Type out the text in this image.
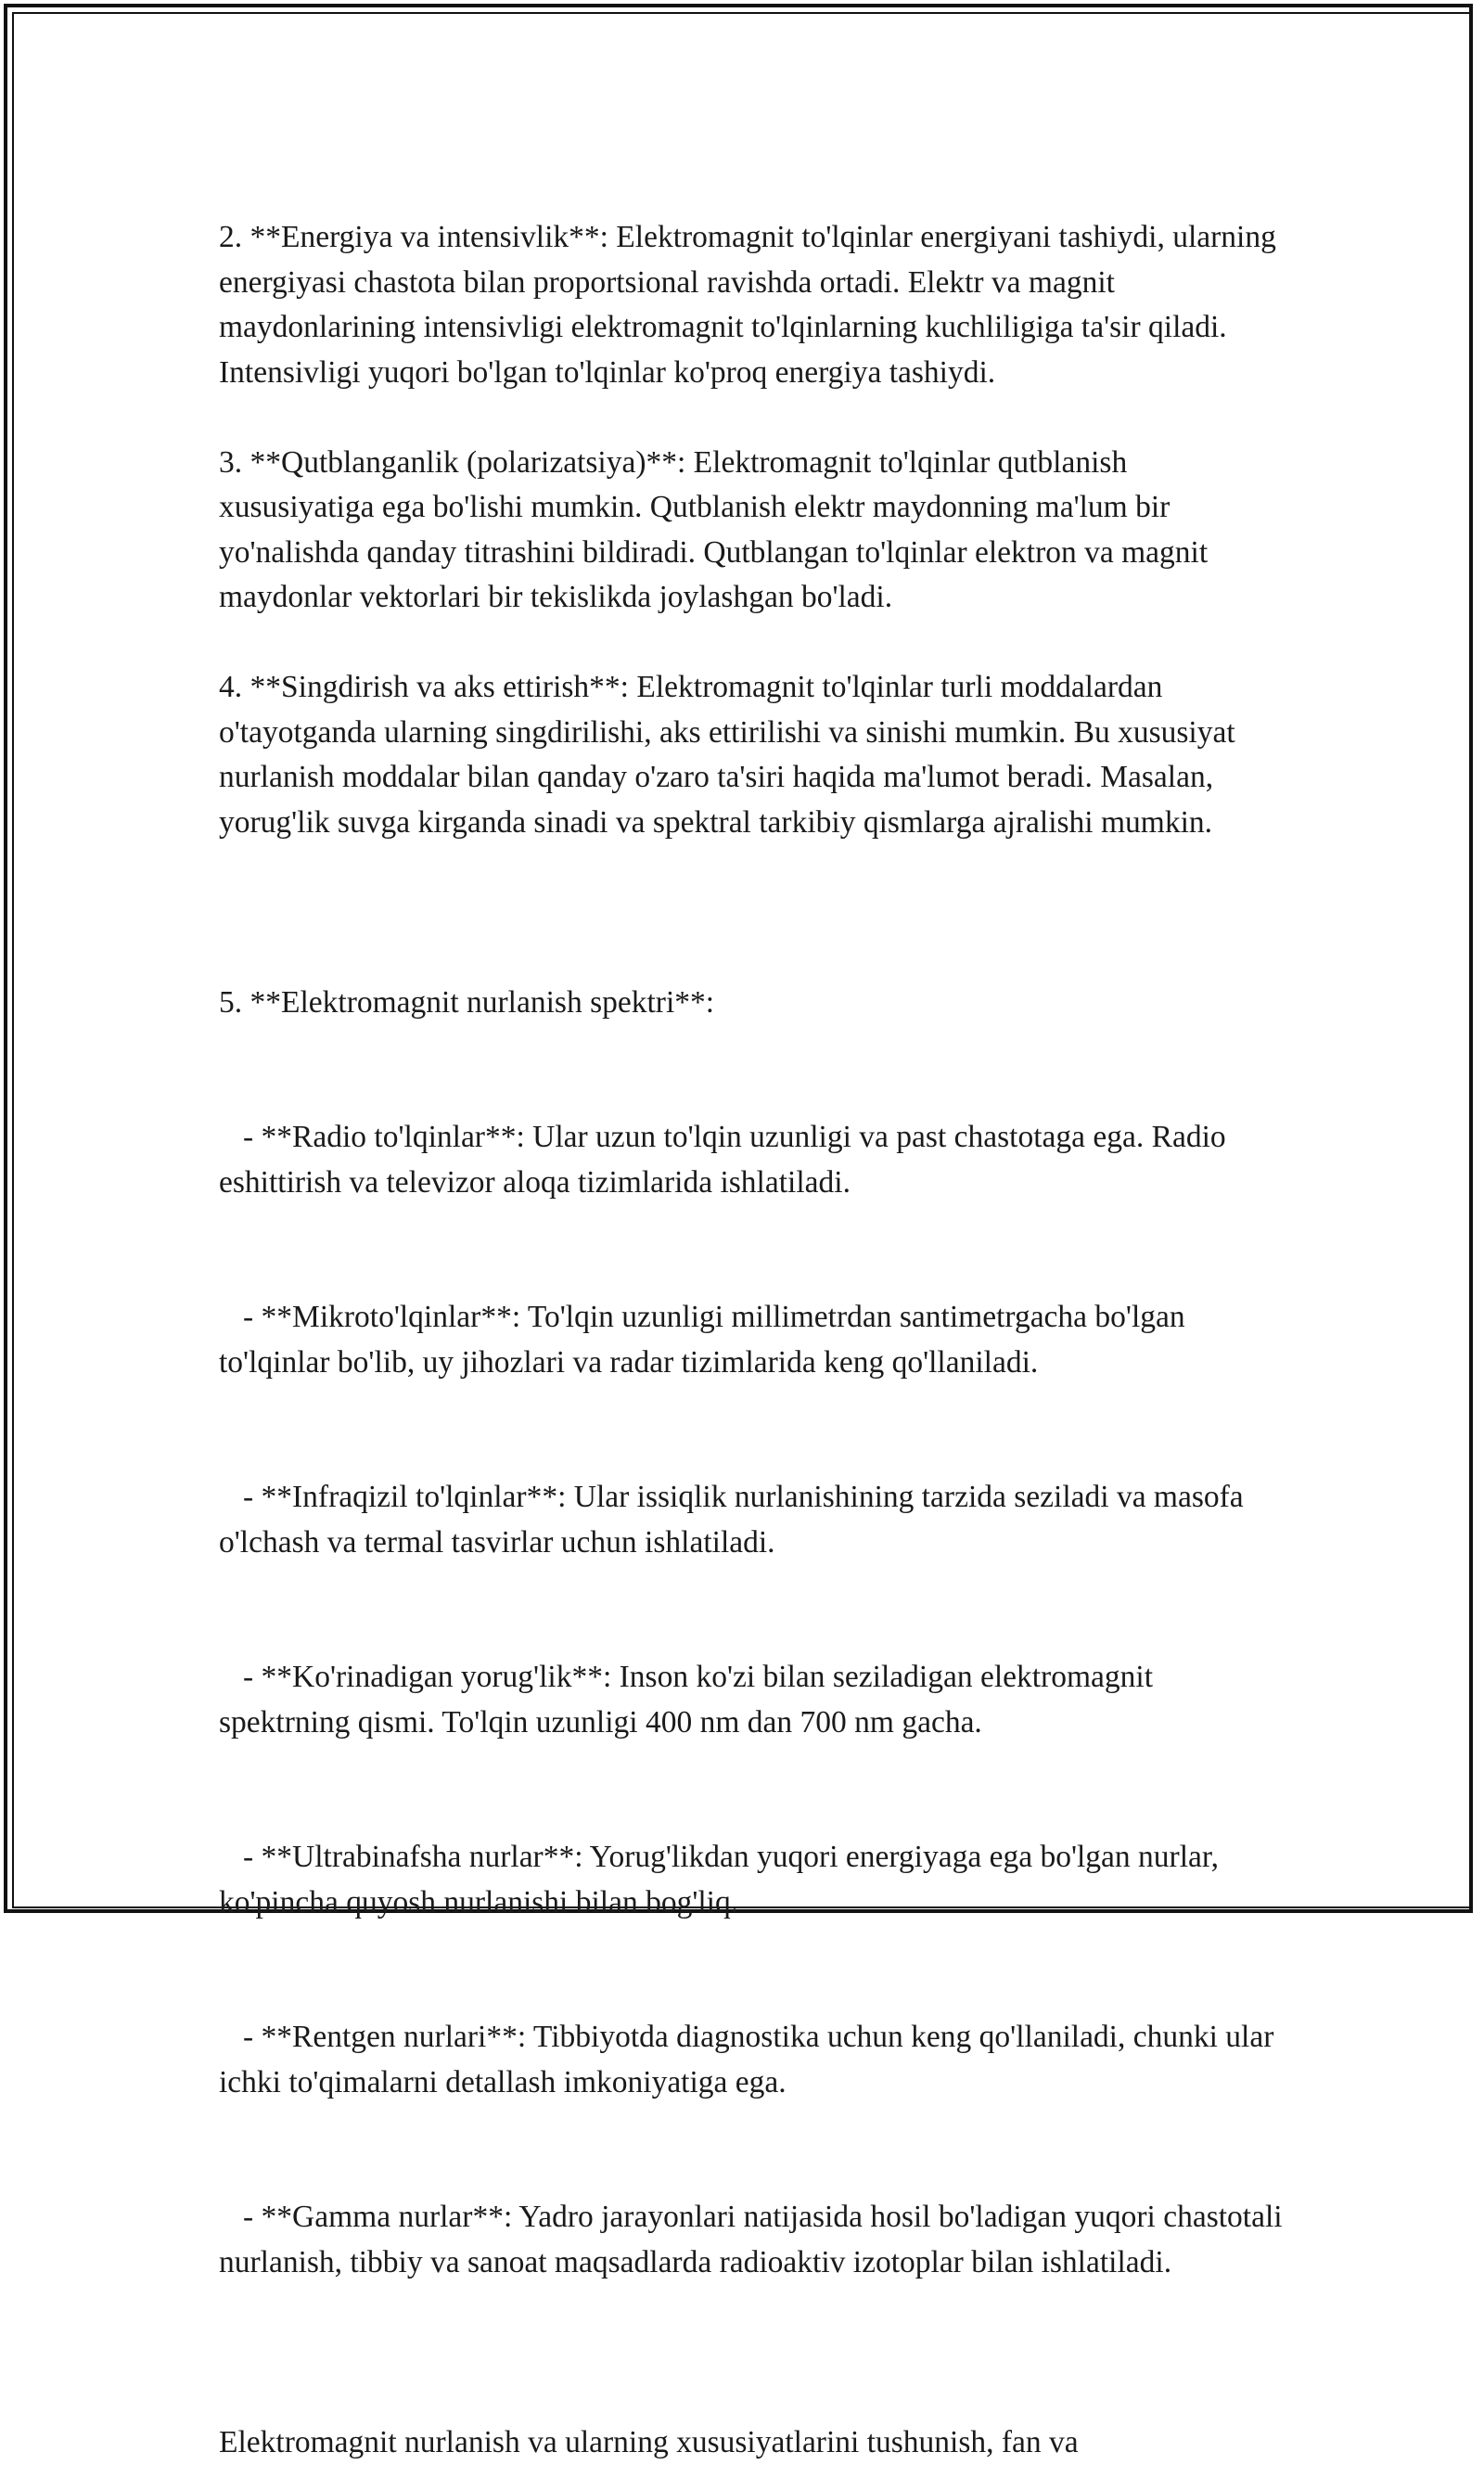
2. **Energiya va intensivlik**: Elektromagnit to'lqinlar energiyani tashiydi, ularning energiyasi chastota bilan proportsional ravishda ortadi. Elektr va magnit maydonlarining intensivligi elektromagnit to'lqinlarning kuchliligiga ta'sir qiladi. Intensivligi yuqori bo'lgan to'lqinlar ko'proq energiya tashiydi.

3. **Qutblanganlik (polarizatsiya)**: Elektromagnit to'lqinlar qutblanish xususiyatiga ega bo'lishi mumkin. Qutblanish elektr maydonning ma'lum bir yo'nalishda qanday titrashini bildiradi. Qutblangan to'lqinlar elektron va magnit maydonlar vektorlari bir tekislikda joylashgan bo'ladi.

4. **Singdirish va aks ettirish**: Elektromagnit to'lqinlar turli moddalardan o'tayotganda ularning singdirilishi, aks ettirilishi va sinishi mumkin. Bu xususiyat nurlanish moddalar bilan qanday o'zaro ta'siri haqida ma'lumot beradi. Masalan, yorug'lik suvga kirganda sinadi va spektral tarkibiy qismlarga ajralishi mumkin.

5. **Elektromagnit nurlanish spektri**:

- **Radio to'lqinlar**: Ular uzun to'lqin uzunligi va past chastotaga ega. Radio eshittirish va televizor aloqa tizimlarida ishlatiladi.

- **Mikroto'lqinlar**: To'lqin uzunligi millimetrdan santimetrgacha bo'lgan to'lqinlar bo'lib, uy jihozlari va radar tizimlarida keng qo'llaniladi.

- **Infraqizil to'lqinlar**: Ular issiqlik nurlanishining tarzida seziladi va masofa o'lchash va termal tasvirlar uchun ishlatiladi.

- **Ko'rinadigan yorug'lik**: Inson ko'zi bilan seziladigan elektromagnit spektrning qismi. To'lqin uzunligi 400 nm dan 700 nm gacha.

- **Ultrabinafsha nurlar**: Yorug'likdan yuqori energiyaga ega bo'lgan nurlar, ko'pincha quyosh nurlanishi bilan bog'liq.

- **Rentgen nurlari**: Tibbiyotda diagnostika uchun keng qo'llaniladi, chunki ular ichki to'qimalarni detallash imkoniyatiga ega.

- **Gamma nurlar**: Yadro jarayonlari natijasida hosil bo'ladigan yuqori chastotali nurlanish, tibbiy va sanoat maqsadlarda radioaktiv izotoplar bilan ishlatiladi.

Elektromagnit nurlanish va ularning xususiyatlarini tushunish, fan va
